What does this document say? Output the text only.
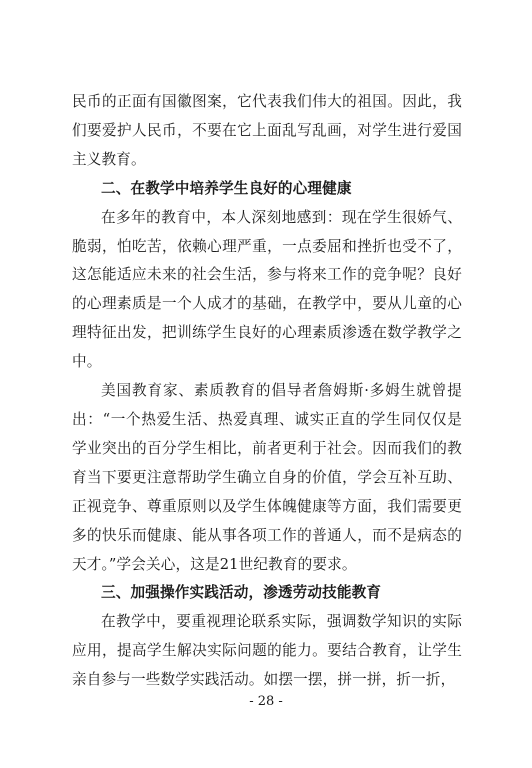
民币的正面有国徽图案，它代表我们伟大的祖国。因此，我们要爱护人民币，不要在它上面乱写乱画，对学生进行爱国主义教育。

二、在教学中培养学生良好的心理健康

在多年的教育中，本人深刻地感到：现在学生很娇气、脆弱，怕吃苦，依赖心理严重，一点委屈和挫折也受不了，这怎能适应未来的社会生活，参与将来工作的竞争呢？良好的心理素质是一个人成才的基础，在教学中，要从儿童的心理特征出发，把训练学生良好的心理素质渗透在数学教学之中。

美国教育家、素质教育的倡导者詹姆斯·多姆生就曾提出：“一个热爱生活、热爱真理、诚实正直的学生同仅仅是学业突出的百分学生相比，前者更利于社会。因而我们的教育当下要更注意帮助学生确立自身的价值，学会互补互助、正视竞争、尊重原则以及学生体魄健康等方面，我们需要更多的快乐而健康、能从事各项工作的普通人，而不是病态的天才。”学会关心，这是21世纪教育的要求。

三、加强操作实践活动，渗透劳动技能教育

在教学中，要重视理论联系实际，强调数学知识的实际应用，提高学生解决实际问题的能力。要结合教育，让学生亲自参与一些数学实践活动。如摆一摆，拼一拼，折一折，

- 28 -
